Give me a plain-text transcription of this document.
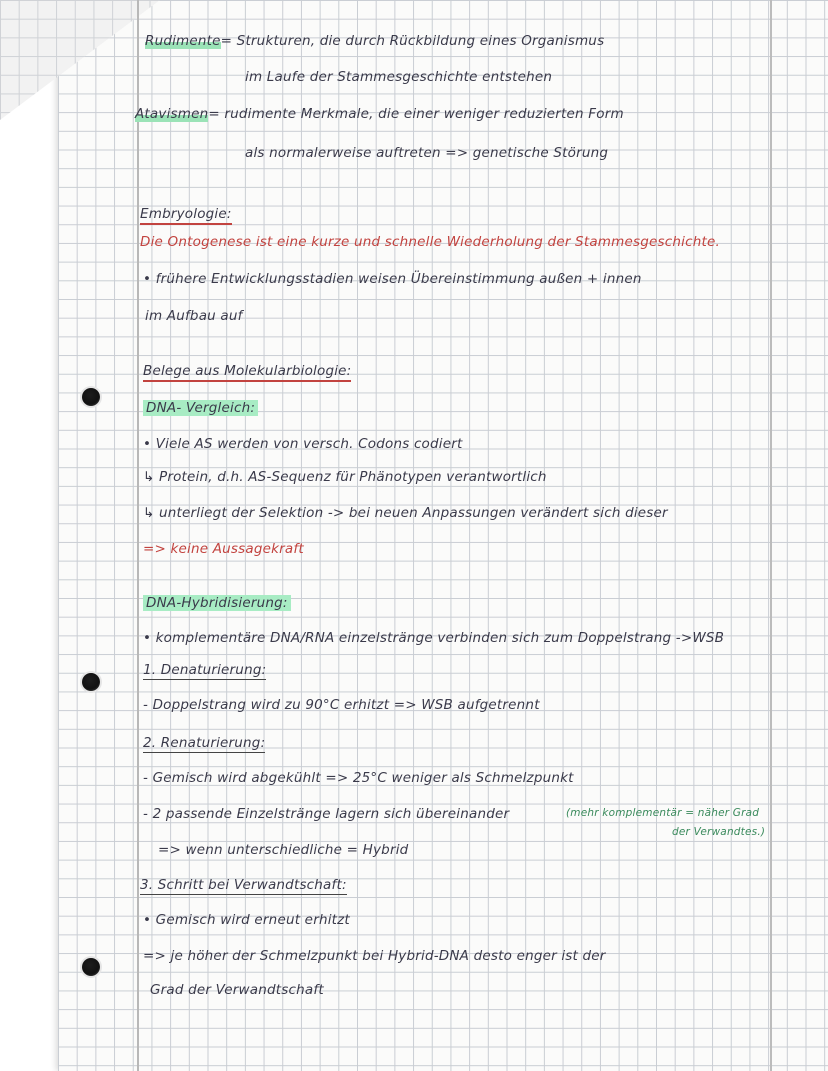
Rudimente= Strukturen, die durch Rückbildung eines Organismus
im Laufe der Stammesgeschichte entstehen
Atavismen= rudimente Merkmale, die einer weniger reduzierten Form
als normalerweise auftreten => genetische Störung
Embryologie:
Die Ontogenese ist eine kurze und schnelle Wiederholung der Stammesgeschichte.
• frühere Entwicklungsstadien weisen Übereinstimmung außen + innen
im Aufbau auf
Belege aus Molekularbiologie:
DNA- Vergleich:
• Viele AS werden von versch. Codons codiert
↳ Protein, d.h. AS-Sequenz für Phänotypen verantwortlich
↳ unterliegt der Selektion -> bei neuen Anpassungen verändert sich dieser
=> keine Aussagekraft
DNA-Hybridisierung:
• komplementäre DNA/RNA einzelstränge verbinden sich zum Doppelstrang ->WSB
1. Denaturierung:
- Doppelstrang wird zu 90°C erhitzt => WSB aufgetrennt
2. Renaturierung:
- Gemisch wird abgekühlt => 25°C weniger als Schmelzpunkt
- 2 passende Einzelstränge lagern sich übereinander	(mehr komplementär = näher Grad
der Verwandtes.)
=> wenn unterschiedliche = Hybrid
3. Schritt bei Verwandtschaft:
• Gemisch wird erneut erhitzt
=> je höher der Schmelzpunkt bei Hybrid-DNA desto enger ist der
Grad der Verwandtschaft
